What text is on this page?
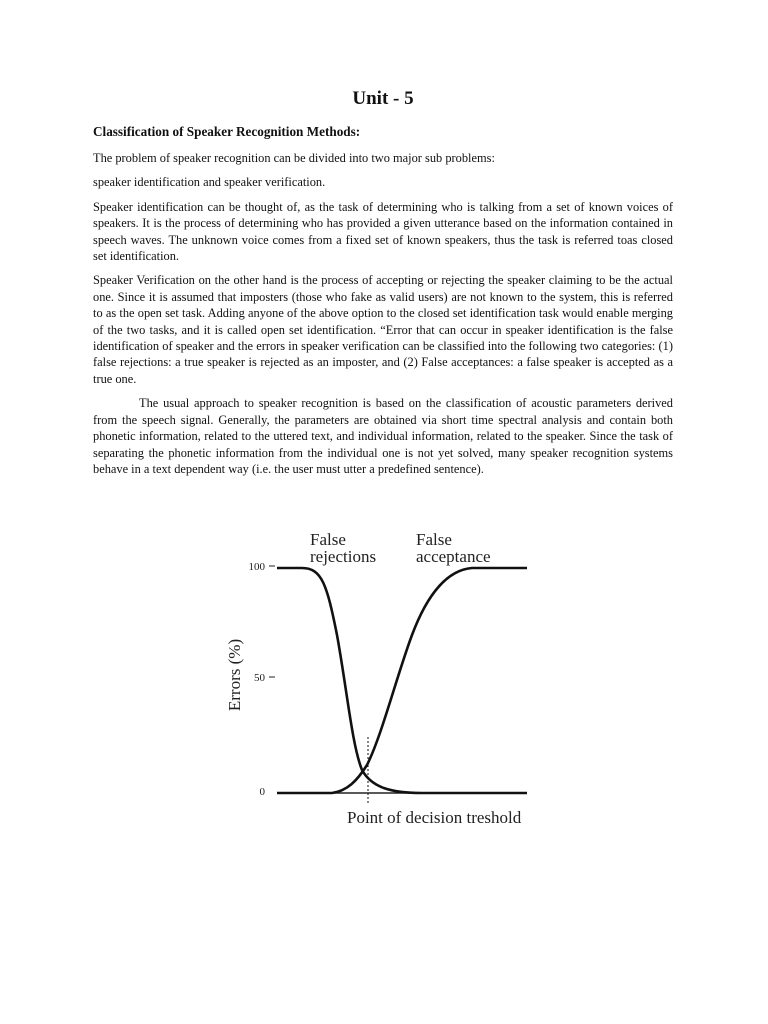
Unit - 5
Classification of Speaker Recognition Methods:

The problem of speaker recognition can be divided into two major sub problems:

speaker identification and speaker verification.

Speaker identification can be thought of, as the task of determining who is talking from a set of known voices of speakers. It is the process of determining who has provided a given utterance based on the information contained in speech waves. The unknown voice comes from a fixed set of known speakers, thus the task is referred toas closed set identification.

Speaker Verification on the other hand is the process of accepting or rejecting the speaker claiming to be the actual one. Since it is assumed that imposters (those who fake as valid users) are not known to the system, this is referred to as the open set task. Adding anyone of the above option to the closed set identification task would enable merging of the two tasks, and it is called open set identification. “Error that can occur in speaker identification is the false identification of speaker and the errors in speaker verification can be classified into the following two categories: (1) false rejections: a true speaker is rejected as an imposter, and (2) False acceptances: a false speaker is accepted as a true one.

The usual approach to speaker recognition is based on the classification of acoustic parameters derived from the speech signal. Generally, the parameters are obtained via short time spectral analysis and contain both phonetic information, related to the uttered text, and individual information, related to the speaker. Since the task of separating the phonetic information from the individual one is not yet solved, many speaker recognition systems behave in a text dependent way (i.e. the user must utter a predefined sentence).

Errors (%)
100
50
0
False
rejections
False
acceptance
Point of decision treshold
